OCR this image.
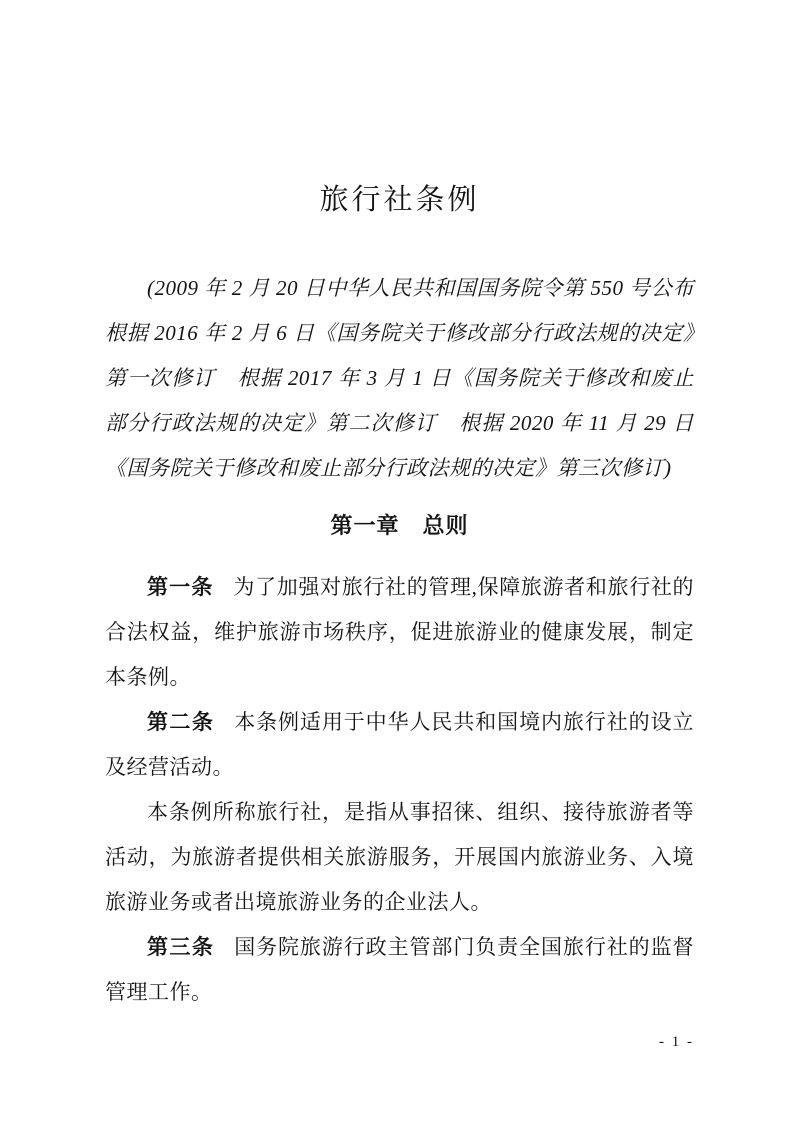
旅行社条例

(2009 年 2 月 20 日中华人民共和国国务院令第 550 号公布　根据 2016 年 2 月 6 日《国务院关于修改部分行政法规的决定》第一次修订　根据 2017 年 3 月 1 日《国务院关于修改和废止部分行政法规的决定》第二次修订　根据 2020 年 11 月 29 日《国务院关于修改和废止部分行政法规的决定》第三次修订)

第一章　总则

第一条 为了加强对旅行社的管理,保障旅游者和旅行社的合法权益，维护旅游市场秩序，促进旅游业的健康发展，制定本条例。

第二条 本条例适用于中华人民共和国境内旅行社的设立及经营活动。

本条例所称旅行社，是指从事招徕、组织、接待旅游者等活动，为旅游者提供相关旅游服务，开展国内旅游业务、入境旅游业务或者出境旅游业务的企业法人。

第三条 国务院旅游行政主管部门负责全国旅行社的监督管理工作。

- 1 -
